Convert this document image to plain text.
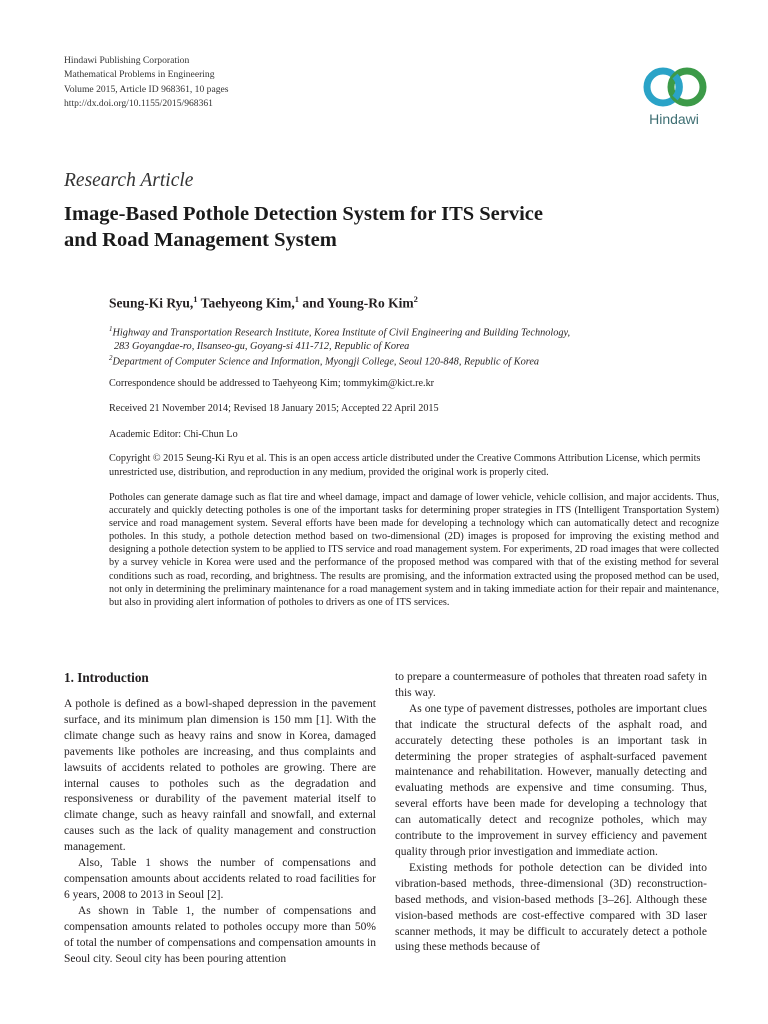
Hindawi Publishing Corporation
Mathematical Problems in Engineering
Volume 2015, Article ID 968361, 10 pages
http://dx.doi.org/10.1155/2015/968361
Hindawi
Research Article
Image-Based Pothole Detection System for ITS Service
and Road Management System
Seung-Ki Ryu,$^1$ Taehyeong Kim,$^1$ and Young-Ro Kim$^2$
$^1$Highway and Transportation Research Institute, Korea Institute of Civil Engineering and Building Technology,
283 Goyangdae-ro, Ilsanseo-gu, Goyang-si 411-712, Republic of Korea
$^2$Department of Computer Science and Information, Myongji College, Seoul 120-848, Republic of Korea
Correspondence should be addressed to Taehyeong Kim; tommykim@kict.re.kr
Received 21 November 2014; Revised 18 January 2015; Accepted 22 April 2015
Academic Editor: Chi-Chun Lo
Copyright © 2015 Seung-Ki Ryu et al. This is an open access article distributed under the Creative Commons Attribution License, which permits unrestricted use, distribution, and reproduction in any medium, provided the original work is properly cited.
Potholes can generate damage such as flat tire and wheel damage, impact and damage of lower vehicle, vehicle collision, and major accidents. Thus, accurately and quickly detecting potholes is one of the important tasks for determining proper strategies in ITS (Intelligent Transportation System) service and road management system. Several efforts have been made for developing a technology which can automatically detect and recognize potholes. In this study, a pothole detection method based on two-dimensional (2D) images is proposed for improving the existing method and designing a pothole detection system to be applied to ITS service and road management system. For experiments, 2D road images that were collected by a survey vehicle in Korea were used and the performance of the proposed method was compared with that of the existing method for several conditions such as road, recording, and brightness. The results are promising, and the information extracted using the proposed method can be used, not only in determining the preliminary maintenance for a road management system and in taking immediate action for their repair and maintenance, but also in providing alert information of potholes to drivers as one of ITS services.
1. Introduction

A pothole is defined as a bowl-shaped depression in the pavement surface, and its minimum plan dimension is 150 mm [1]. With the climate change such as heavy rains and snow in Korea, damaged pavements like potholes are increasing, and thus complaints and lawsuits of accidents related to potholes are growing. There are internal causes to potholes such as the degradation and responsiveness or durability of the pavement material itself to climate change, such as heavy rainfall and snowfall, and external causes such as the lack of quality management and construction management.

Also, Table 1 shows the number of compensations and compensation amounts about accidents related to road facilities for 6 years, 2008 to 2013 in Seoul [2].

As shown in Table 1, the number of compensations and compensation amounts related to potholes occupy more than 50% of total the number of compensations and compensation amounts in Seoul city. Seoul city has been pouring attention

to prepare a countermeasure of potholes that threaten road safety in this way.

As one type of pavement distresses, potholes are important clues that indicate the structural defects of the asphalt road, and accurately detecting these potholes is an important task in determining the proper strategies of asphalt-surfaced pavement maintenance and rehabilitation. However, manually detecting and evaluating methods are expensive and time consuming. Thus, several efforts have been made for developing a technology that can automatically detect and recognize potholes, which may contribute to the improvement in survey efficiency and pavement quality through prior investigation and immediate action.

Existing methods for pothole detection can be divided into vibration-based methods, three-dimensional (3D) reconstruction-based methods, and vision-based methods [3–26]. Although these vision-based methods are cost-effective compared with 3D laser scanner methods, it may be difficult to accurately detect a pothole using these methods because of
